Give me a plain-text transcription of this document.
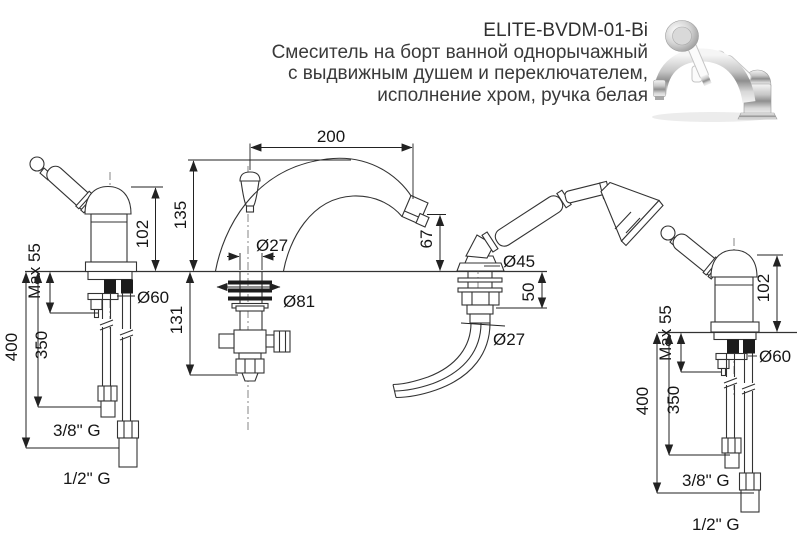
ELITE-BVDM-01-Bi
Смеситель на борт ванной однорычажный
с выдвижным душем и переключателем,
исполнение хром, ручка белая
102
Max 55	Ø60
400 350
3/8" G
1/2" G
200
135
67
Ø27
Ø81
131
Ø45
50
Ø27
102
Max 55	Ø60
400 350
3/8" G
1/2" G
